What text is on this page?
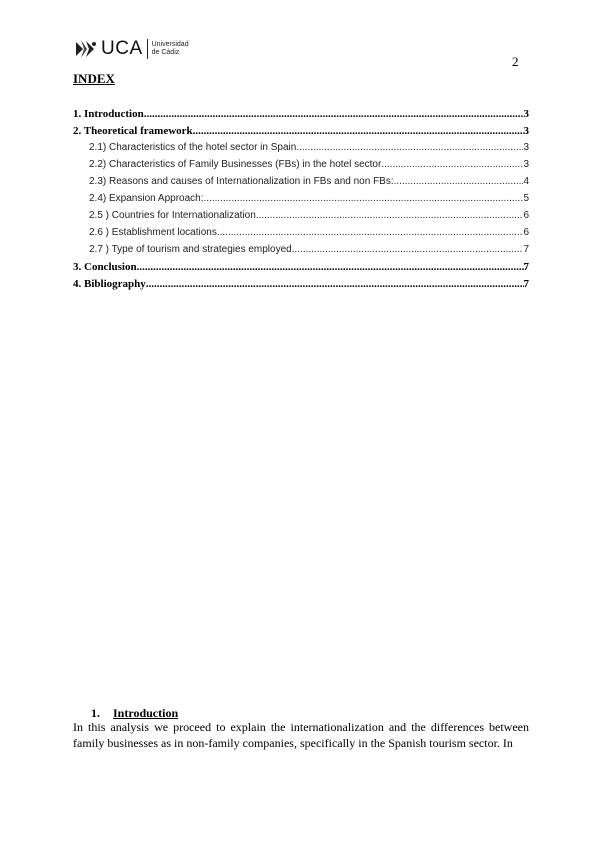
UCA Universidad
de Cádiz
2
INDEX
1. Introduction .....	3
2. Theoretical framework .....	3
2.1) Characteristics of the hotel sector in Spain .....	3
2.2) Characteristics of Family Businesses (FBs) in the hotel sector .....	3
2.3) Reasons and causes of Internationalization in FBs and non FBs: .....	4
2.4) Expansion Approach: .....	5
2.5 ) Countries for Internationalization .....	6
2.6 ) Establishment locations .....	6
2.7 ) Type of tourism and strategies employed .....	7
3. Conclusion .....	7
4. Bibliography .....	7
1. Introduction
In this analysis we proceed to explain the internationalization and the differences between family businesses as in non-family companies, specifically in the Spanish tourism sector. In
